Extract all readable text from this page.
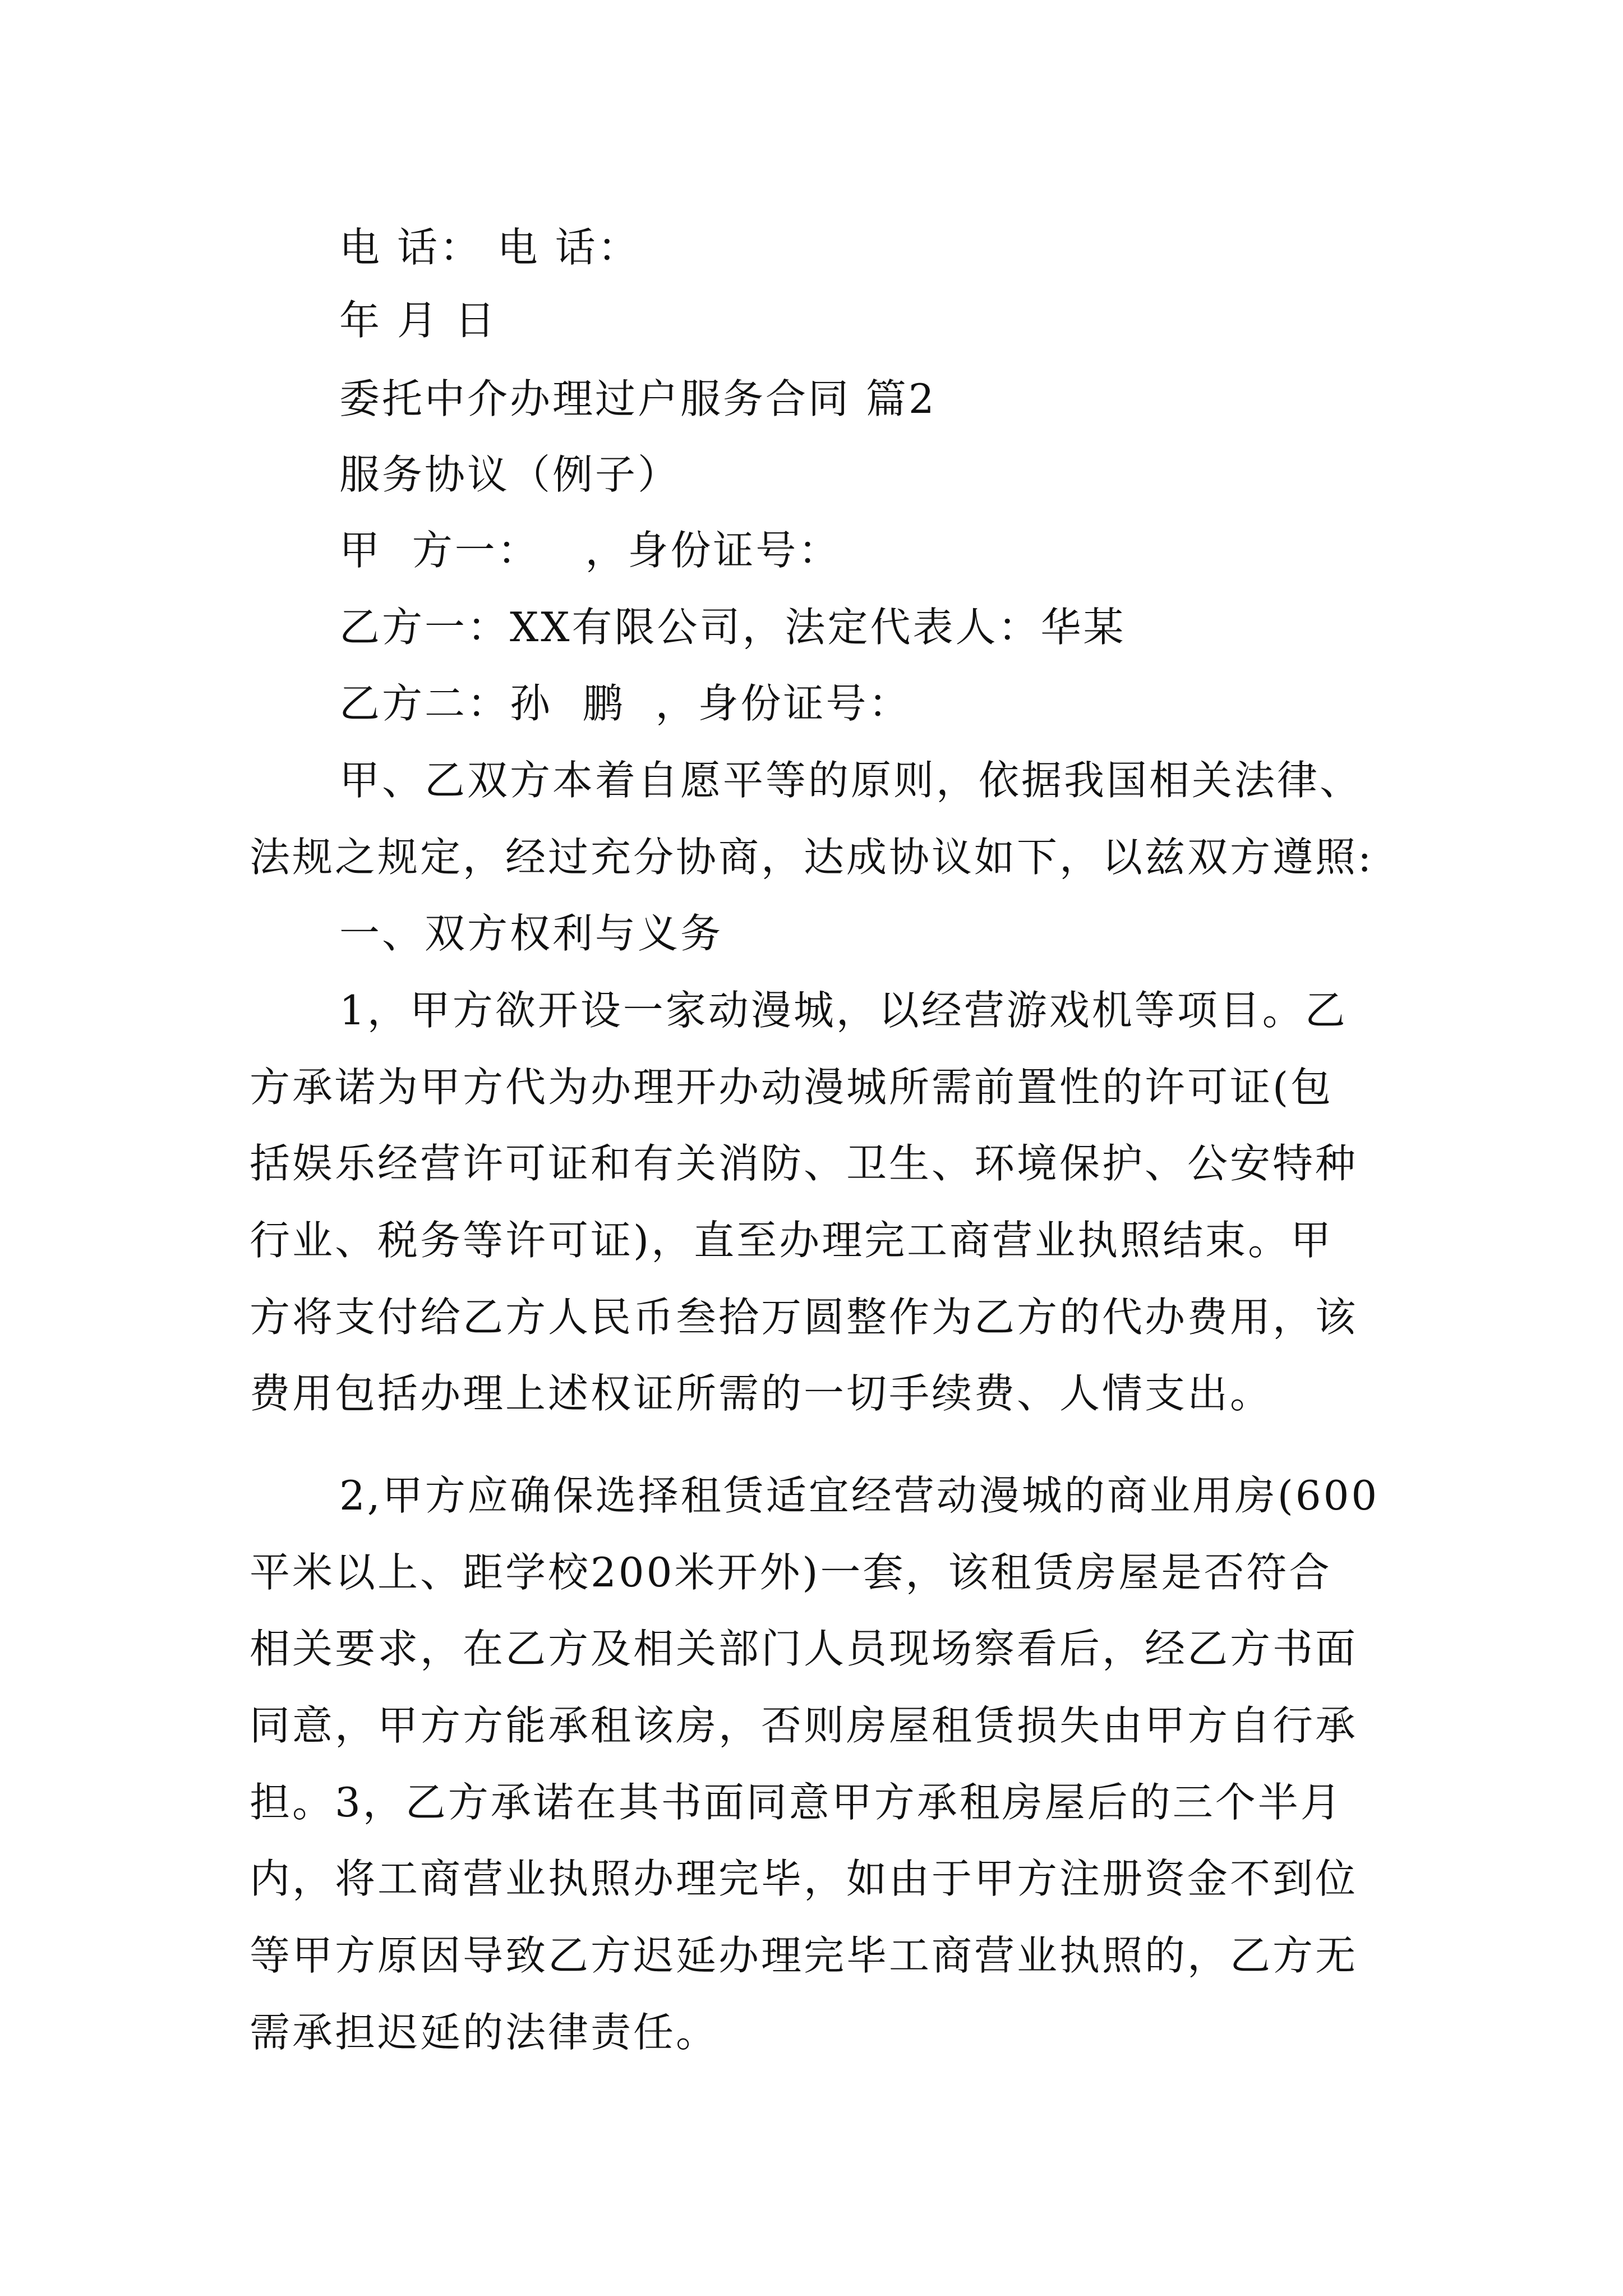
电 话： 电 话：
年 月 日
委托中介办理过户服务合同 篇2
服务协议（例子）
甲  方一：   ，身份证号：
乙方一：XX有限公司，法定代表人：华某
乙方二：孙  鹏  ，身份证号：
甲、乙双方本着自愿平等的原则，依据我国相关法律、
法规之规定，经过充分协商，达成协议如下，以兹双方遵照:
一、双方权利与义务
1，甲方欲开设一家动漫城，以经营游戏机等项目。乙
方承诺为甲方代为办理开办动漫城所需前置性的许可证(包
括娱乐经营许可证和有关消防、卫生、环境保护、公安特种
行业、税务等许可证)，直至办理完工商营业执照结束。甲
方将支付给乙方人民币叁拾万圆整作为乙方的代办费用，该
费用包括办理上述权证所需的一切手续费、人情支出。
2,甲方应确保选择租赁适宜经营动漫城的商业用房(600
平米以上、距学校200米开外)一套，该租赁房屋是否符合
相关要求，在乙方及相关部门人员现场察看后，经乙方书面
同意，甲方方能承租该房，否则房屋租赁损失由甲方自行承
担。3，乙方承诺在其书面同意甲方承租房屋后的三个半月
内，将工商营业执照办理完毕，如由于甲方注册资金不到位
等甲方原因导致乙方迟延办理完毕工商营业执照的，乙方无
需承担迟延的法律责任。
